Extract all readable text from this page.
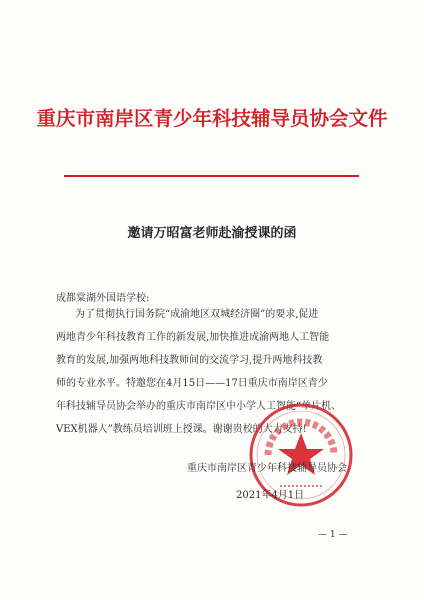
重庆市南岸区青少年科技辅导员协会文件
邀请万昭富老师赴渝授课的函
成都棠湖外国语学校:
为了贯彻执行国务院“成渝地区双城经济圈”的要求,促进
两地青少年科技教育工作的新发展,加快推进成渝两地人工智能
教育的发展,加强两地科技教师间的交流学习,提升两地科技教
师的专业水平。特邀您在4月15日——17日重庆市南岸区青少
年科技辅导员协会举办的重庆市南岸区中小学人工智能“单片机、
VEX机器人”教练员培训班上授课。谢谢贵校的大力支持!
重庆市南岸区青少年科技辅导员协会
2021年4月1日
— 1 —
